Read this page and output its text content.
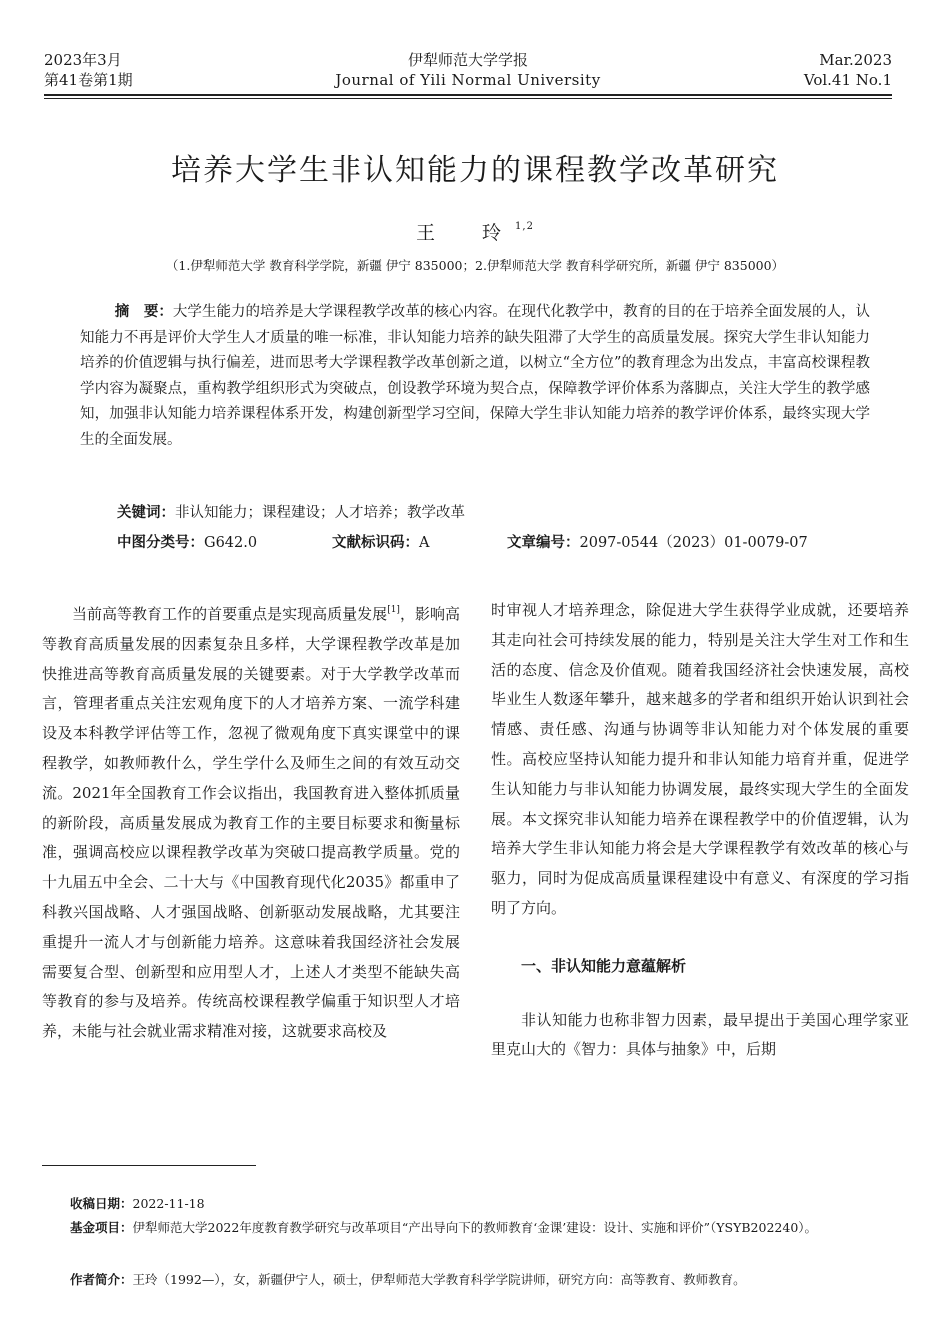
2023年3月
第41卷第1期
伊犁师范大学学报
Journal of Yili Normal University
Mar.2023
Vol.41 No.1
培养大学生非认知能力的课程教学改革研究
王　玲$^{1,2}$
（1.伊犁师范大学 教育科学学院，新疆 伊宁 835000；2.伊犁师范大学 教育科学研究所，新疆 伊宁 835000）
摘　要：大学生能力的培养是大学课程教学改革的核心内容。在现代化教学中，教育的目的在于培养全面发展的人，认知能力不再是评价大学生人才质量的唯一标准，非认知能力培养的缺失阻滞了大学生的高质量发展。探究大学生非认知能力培养的价值逻辑与执行偏差，进而思考大学课程教学改革创新之道，以树立“全方位”的教育理念为出发点，丰富高校课程教学内容为凝聚点，重构教学组织形式为突破点，创设教学环境为契合点，保障教学评价体系为落脚点，关注大学生的教学感知，加强非认知能力培养课程体系开发，构建创新型学习空间，保障大学生非认知能力培养的教学评价体系，最终实现大学生的全面发展。
关键词：非认知能力；课程建设；人才培养；教学改革
中图分类号：G642.0	文献标识码：A	文章编号：2097-0544（2023）01-0079-07

当前高等教育工作的首要重点是实现高质量发展[1]，影响高等教育高质量发展的因素复杂且多样，大学课程教学改革是加快推进高等教育高质量发展的关键要素。对于大学教学改革而言，管理者重点关注宏观角度下的人才培养方案、一流学科建设及本科教学评估等工作，忽视了微观角度下真实课堂中的课程教学，如教师教什么，学生学什么及师生之间的有效互动交流。2021年全国教育工作会议指出，我国教育进入整体抓质量的新阶段，高质量发展成为教育工作的主要目标要求和衡量标准，强调高校应以课程教学改革为突破口提高教学质量。党的十九届五中全会、二十大与《中国教育现代化2035》都重申了科教兴国战略、人才强国战略、创新驱动发展战略，尤其要注重提升一流人才与创新能力培养。这意味着我国经济社会发展需要复合型、创新型和应用型人才，上述人才类型不能缺失高等教育的参与及培养。传统高校课程教学偏重于知识型人才培养，未能与社会就业需求精准对接，这就要求高校及

时审视人才培养理念，除促进大学生获得学业成就，还要培养其走向社会可持续发展的能力，特别是关注大学生对工作和生活的态度、信念及价值观。随着我国经济社会快速发展，高校毕业生人数逐年攀升，越来越多的学者和组织开始认识到社会情感、责任感、沟通与协调等非认知能力对个体发展的重要性。高校应坚持认知能力提升和非认知能力培育并重，促进学生认知能力与非认知能力协调发展，最终实现大学生的全面发展。本文探究非认知能力培养在课程教学中的价值逻辑，认为培养大学生非认知能力将会是大学课程教学有效改革的核心与驱力，同时为促成高质量课程建设中有意义、有深度的学习指明了方向。

一、非认知能力意蕴解析

非认知能力也称非智力因素，最早提出于美国心理学家亚里克山大的《智力：具体与抽象》中，后期

收稿日期：2022-11-18
基金项目：伊犁师范大学2022年度教育教学研究与改革项目“产出导向下的教师教育‘金课’建设：设计、实施和评价”（YSYB202240）。
作者简介：王玲（1992—），女，新疆伊宁人，硕士，伊犁师范大学教育科学学院讲师，研究方向：高等教育、教师教育。
